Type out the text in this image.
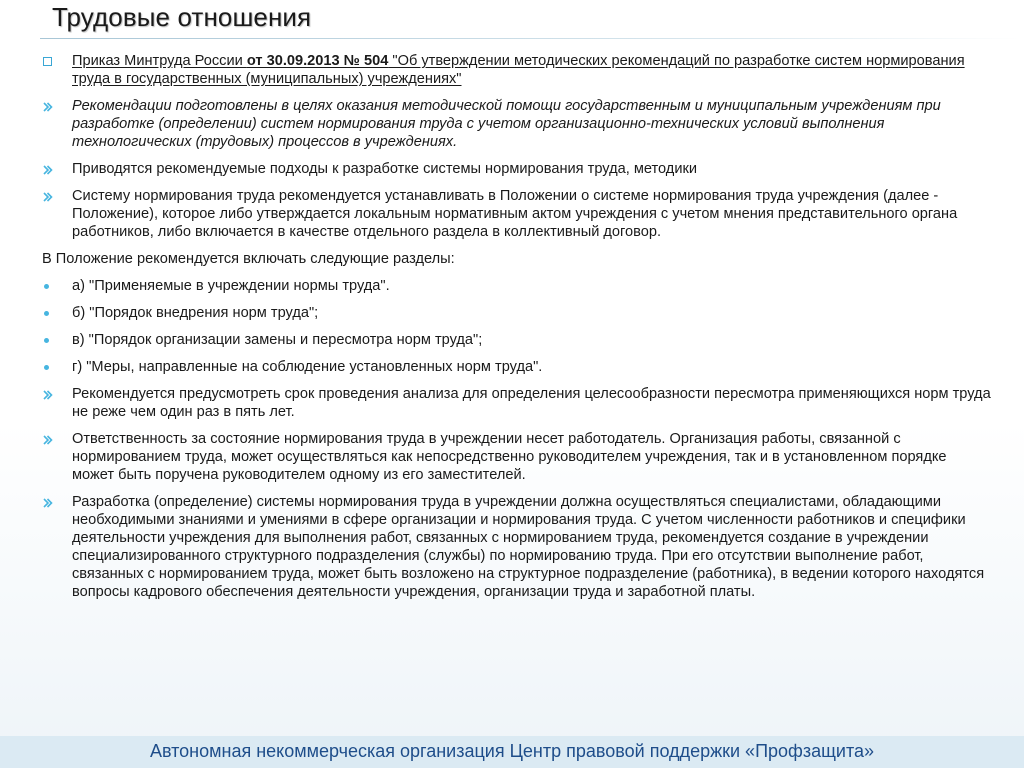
Трудовые отношения
Приказ Минтруда России от 30.09.2013 № 504 "Об утверждении методических рекомендаций по разработке систем нормирования труда в государственных (муниципальных) учреждениях"
Рекомендации подготовлены в целях оказания методической помощи государственным и муниципальным учреждениям при разработке (определении) систем нормирования труда с учетом организационно-технических условий выполнения технологических (трудовых) процессов в учреждениях.
Приводятся рекомендуемые подходы к разработке системы нормирования труда, методики
Систему нормирования труда рекомендуется устанавливать в Положении о системе нормирования труда учреждения (далее - Положение), которое либо утверждается локальным нормативным актом учреждения с учетом мнения представительного органа работников, либо включается в качестве отдельного раздела в коллективный договор.
В Положение рекомендуется включать следующие разделы:
а) "Применяемые в учреждении нормы труда".
б) "Порядок внедрения норм труда";
в) "Порядок организации замены и пересмотра норм труда";
г) "Меры, направленные на соблюдение установленных норм труда".
Рекомендуется предусмотреть срок проведения анализа для определения целесообразности пересмотра применяющихся норм труда не реже чем один раз в пять лет.
Ответственность за состояние нормирования труда в учреждении несет работодатель. Организация работы, связанной с нормированием труда, может осуществляться как непосредственно руководителем учреждения, так и в установленном порядке может быть поручена руководителем одному из его заместителей.
Разработка (определение) системы нормирования труда в учреждении должна осуществляться специалистами, обладающими необходимыми знаниями и умениями в сфере организации и нормирования труда. С учетом численности работников и специфики деятельности учреждения для выполнения работ, связанных с нормированием труда, рекомендуется создание в учреждении специализированного структурного подразделения (службы) по нормированию труда. При его отсутствии выполнение работ, связанных с нормированием труда, может быть возложено на структурное подразделение (работника), в ведении которого находятся вопросы кадрового обеспечения деятельности учреждения, организации труда и заработной платы.
Автономная некоммерческая организация Центр правовой поддержки «Профзащита»
